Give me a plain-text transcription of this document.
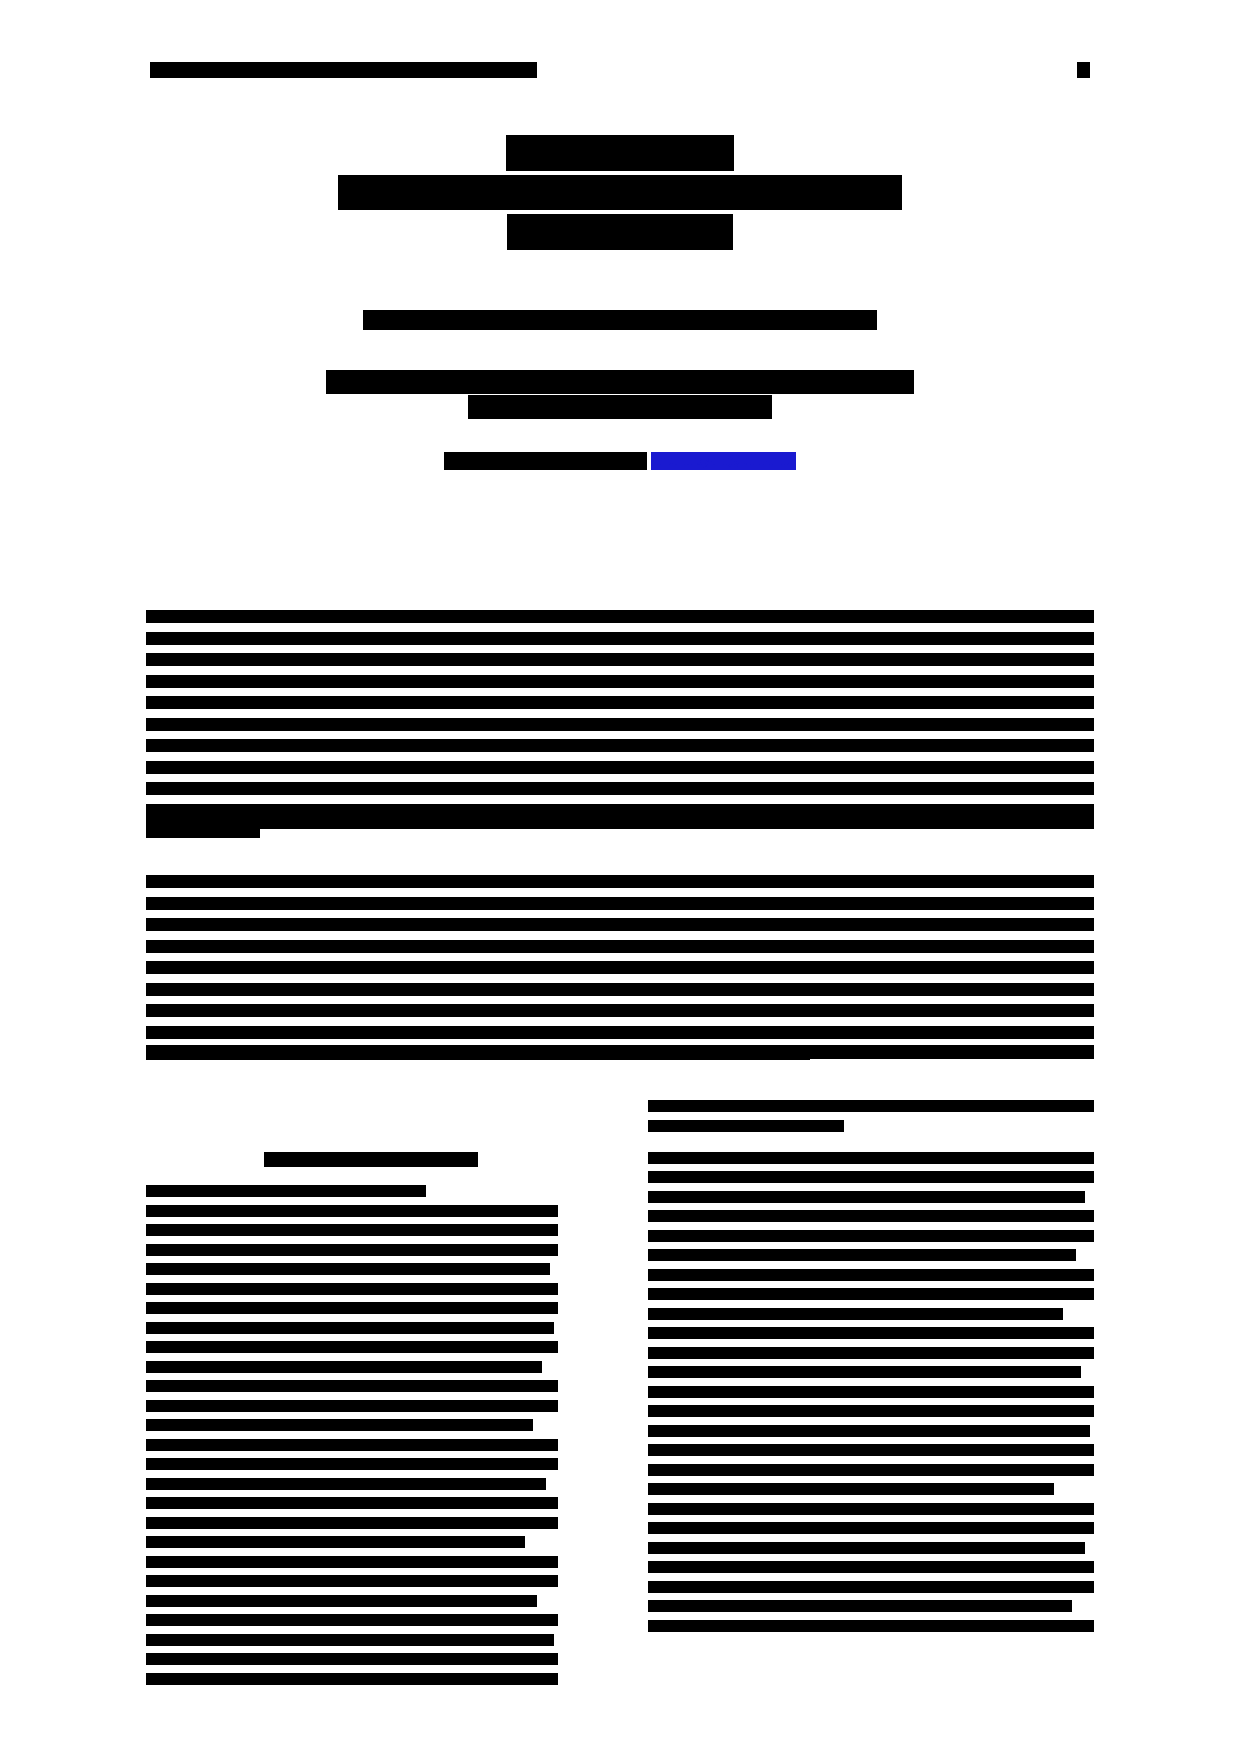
Jurnal Ilmiah Hukum dan Keadilan, Volume 8 Nomor 1 Tahun 2021	21
Tafsir Analisis Mistis
Originalis, Tekstualis, dan Perbandingannya dengan
Hukum dalam Kitab
Achmad Fauzan Hanantara, Rizqi Maulana Fajri, Ardiansyah Rahmadi
Program Studi Ilmu Hukum, Fakultas Hukum, Universitas Islam Indonesia, Yogyakarta
Jalan Kaliurang Km 14,5 Sleman Yogyakarta
Koresponden Penulis, e-mail : ardiansyah@uii.ac.id
